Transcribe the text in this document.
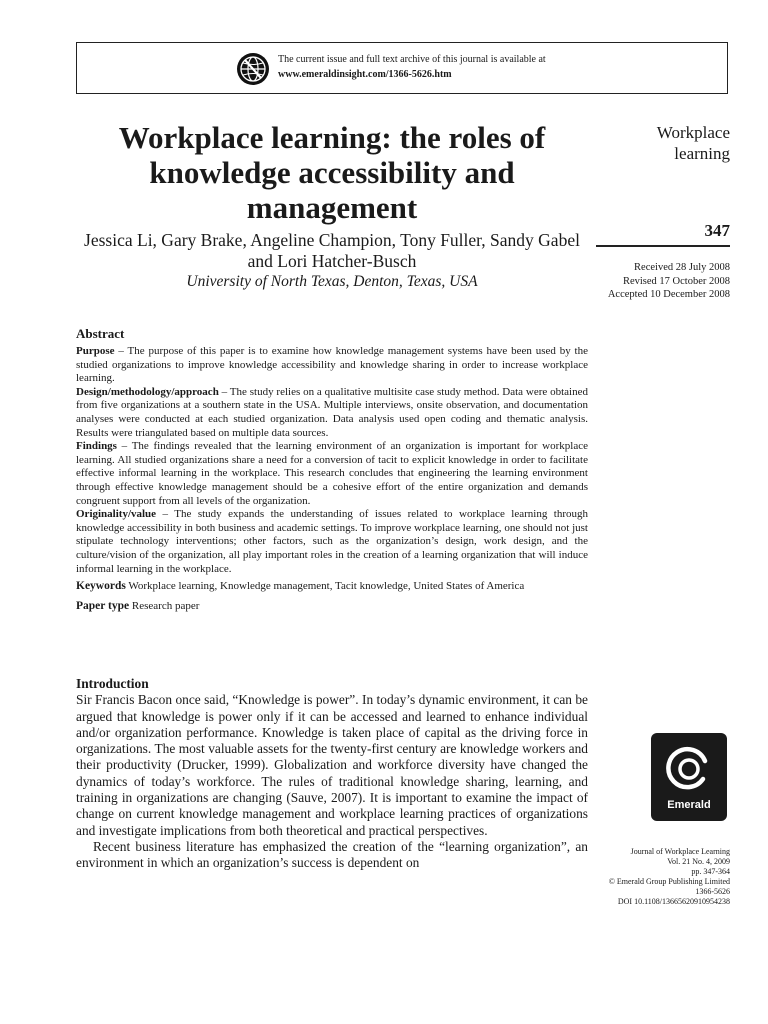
The current issue and full text archive of this journal is available at
www.emeraldinsight.com/1366-5626.htm
Workplace learning: the roles of knowledge accessibility and management
Jessica Li, Gary Brake, Angeline Champion, Tony Fuller, Sandy Gabel and Lori Hatcher-Busch
University of North Texas, Denton, Texas, USA
Workplace
learning
347
Received 28 July 2008
Revised 17 October 2008
Accepted 10 December 2008
Abstract

Purpose – The purpose of this paper is to examine how knowledge management systems have been used by the studied organizations to improve knowledge accessibility and knowledge sharing in order to increase workplace learning.

Design/methodology/approach – The study relies on a qualitative multisite case study method. Data were obtained from five organizations at a southern state in the USA. Multiple interviews, onsite observation, and documentation analyses were conducted at each studied organization. Data analysis used open coding and thematic analysis. Results were triangulated based on multiple data sources.

Findings – The findings revealed that the learning environment of an organization is important for workplace learning. All studied organizations share a need for a conversion of tacit to explicit knowledge in order to facilitate effective informal learning in the workplace. This research concludes that engineering the learning environment through effective knowledge management should be a cohesive effort of the entire organization and demands congruent support from all levels of the organization.

Originality/value – The study expands the understanding of issues related to workplace learning through knowledge accessibility in both business and academic settings. To improve workplace learning, one should not just stipulate technology interventions; other factors, such as the organization’s design, work design, and the culture/vision of the organization, all play important roles in the creation of a learning organization that will induce informal learning in the workplace.

Keywords Workplace learning, Knowledge management, Tacit knowledge, United States of America

Paper type Research paper

Introduction

Sir Francis Bacon once said, “Knowledge is power”. In today’s dynamic environment, it can be argued that knowledge is power only if it can be accessed and learned to enhance individual and/or organization performance. Knowledge is taken place of capital as the driving force in organizations. The most valuable assets for the twenty-first century are knowledge workers and their productivity (Drucker, 1999). Globalization and workforce diversity have changed the dynamics of today’s workforce. The rules of traditional knowledge sharing, learning, and training in organizations are changing (Sauve, 2007). It is important to examine the impact of change on current knowledge management and workplace learning practices of organizations and investigate implications from both theoretical and practical perspectives.

Recent business literature has emphasized the creation of the “learning organization”, an environment in which an organization’s success is dependent on

Emerald
Journal of Workplace Learning
Vol. 21 No. 4, 2009
pp. 347-364
© Emerald Group Publishing Limited
1366-5626
DOI 10.1108/13665620910954238
